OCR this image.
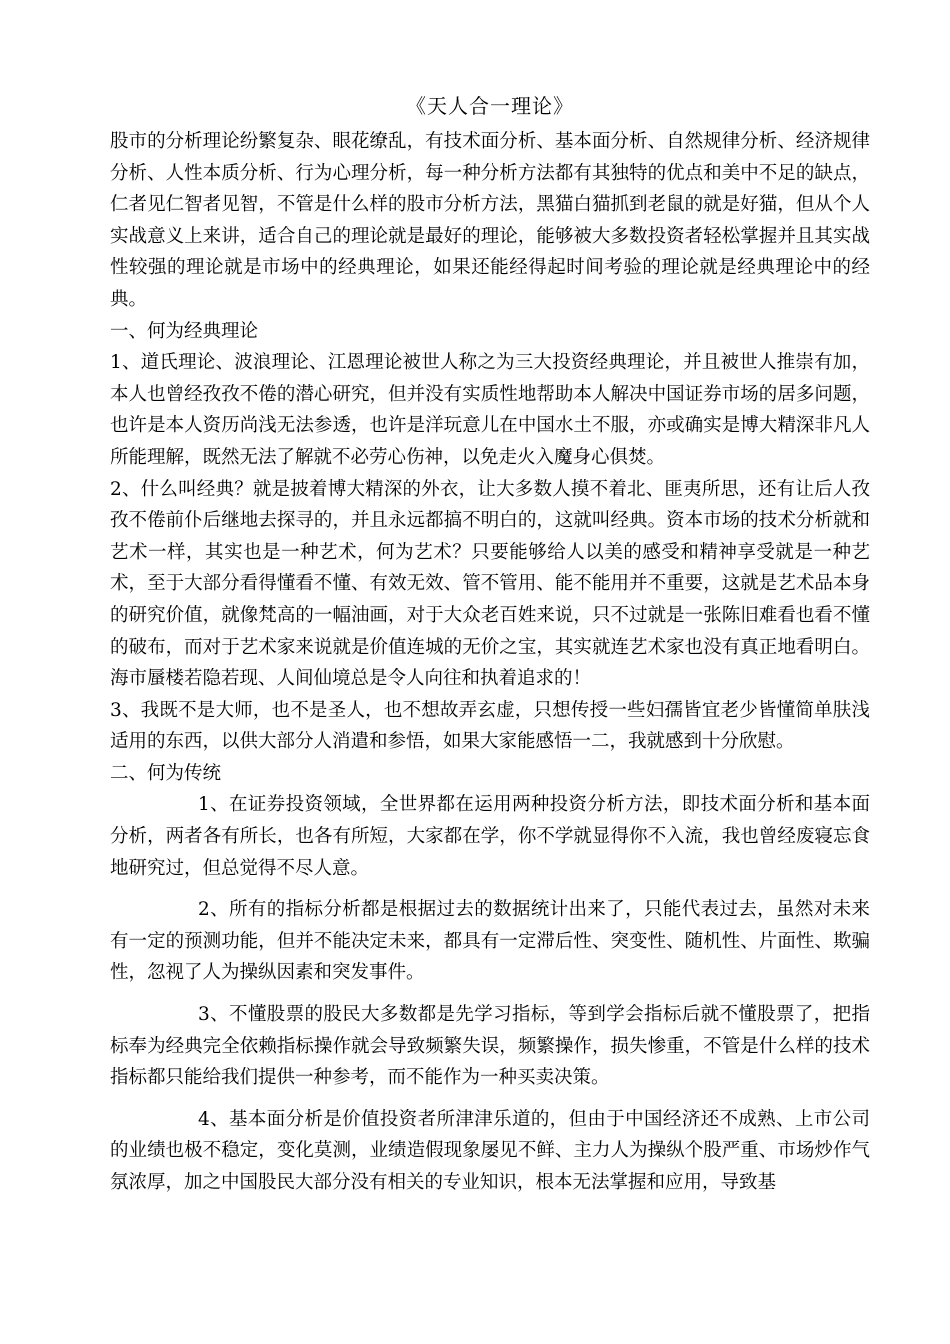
《天人合一理论》

股市的分析理论纷繁复杂、眼花缭乱，有技术面分析、基本面分析、自然规律分析、经济规律分析、人性本质分析、行为心理分析，每一种分析方法都有其独特的优点和美中不足的缺点，仁者见仁智者见智，不管是什么样的股市分析方法，黑猫白猫抓到老鼠的就是好猫，但从个人实战意义上来讲，适合自己的理论就是最好的理论，能够被大多数投资者轻松掌握并且其实战性较强的理论就是市场中的经典理论，如果还能经得起时间考验的理论就是经典理论中的经典。

一、何为经典理论

1、道氏理论、波浪理论、江恩理论被世人称之为三大投资经典理论，并且被世人推崇有加，本人也曾经孜孜不倦的潜心研究，但并没有实质性地帮助本人解决中国证券市场的居多问题，也许是本人资历尚浅无法参透，也许是洋玩意儿在中国水土不服，亦或确实是博大精深非凡人所能理解，既然无法了解就不必劳心伤神，以免走火入魔身心俱焚。

2、什么叫经典？就是披着博大精深的外衣，让大多数人摸不着北、匪夷所思，还有让后人孜孜不倦前仆后继地去探寻的，并且永远都搞不明白的，这就叫经典。资本市场的技术分析就和艺术一样，其实也是一种艺术，何为艺术？只要能够给人以美的感受和精神享受就是一种艺术，至于大部分看得懂看不懂、有效无效、管不管用、能不能用并不重要，这就是艺术品本身的研究价值，就像梵高的一幅油画，对于大众老百姓来说，只不过就是一张陈旧难看也看不懂的破布，而对于艺术家来说就是价值连城的无价之宝，其实就连艺术家也没有真正地看明白。海市蜃楼若隐若现、人间仙境总是令人向往和执着追求的！

3、我既不是大师，也不是圣人，也不想故弄玄虚，只想传授一些妇孺皆宜老少皆懂简单肤浅适用的东西，以供大部分人消遣和参悟，如果大家能感悟一二，我就感到十分欣慰。

二、何为传统

1、在证券投资领域，全世界都在运用两种投资分析方法，即技术面分析和基本面分析，两者各有所长，也各有所短，大家都在学，你不学就显得你不入流，我也曾经废寝忘食地研究过，但总觉得不尽人意。

2、所有的指标分析都是根据过去的数据统计出来了，只能代表过去，虽然对未来有一定的预测功能，但并不能决定未来，都具有一定滞后性、突变性、随机性、片面性、欺骗性，忽视了人为操纵因素和突发事件。

3、不懂股票的股民大多数都是先学习指标，等到学会指标后就不懂股票了，把指标奉为经典完全依赖指标操作就会导致频繁失误，频繁操作，损失惨重，不管是什么样的技术指标都只能给我们提供一种参考，而不能作为一种买卖决策。

4、基本面分析是价值投资者所津津乐道的，但由于中国经济还不成熟、上市公司的业绩也极不稳定，变化莫测，业绩造假现象屡见不鲜、主力人为操纵个股严重、市场炒作气氛浓厚，加之中国股民大部分没有相关的专业知识，根本无法掌握和应用，导致基
